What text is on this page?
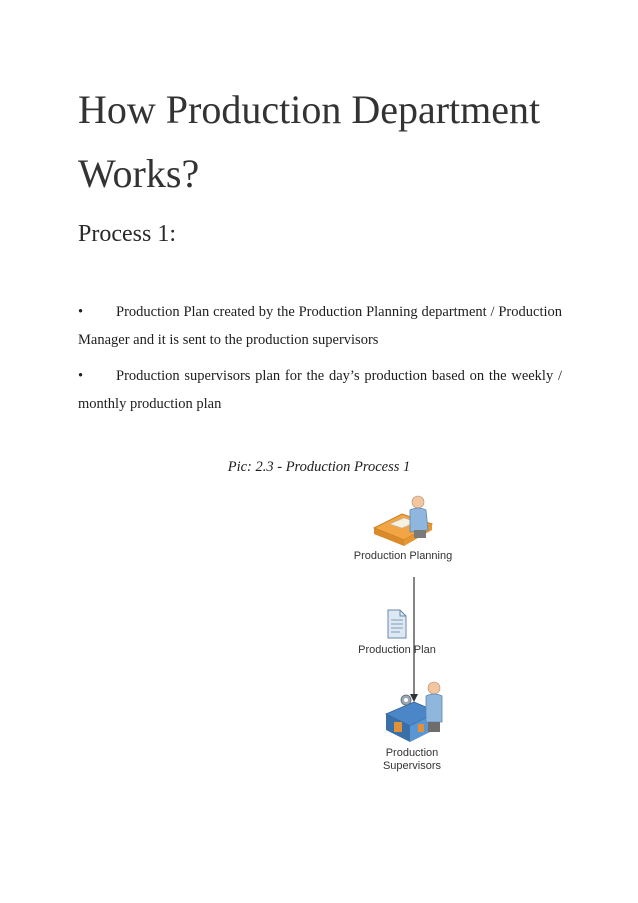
How Production Department Works?
Process 1:
• Production Plan created by the Production Planning department / Production Manager and it is sent to the production supervisors
• Production supervisors plan for the day’s production based on the weekly / monthly production plan
Pic: 2.3 - Production Process 1
Production Planning
Production Plan
Production Supervisors
